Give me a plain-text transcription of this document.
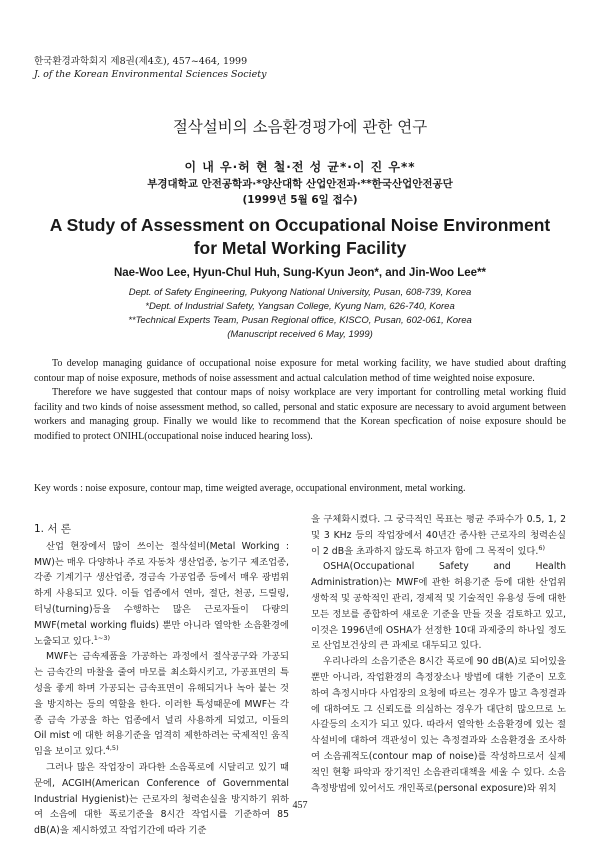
한국환경과학회지 제8권(제4호), 457~464, 1999
J. of the Korean Environmental Sciences Society
절삭설비의 소음환경평가에 관한 연구
이 내 우·허 현 철·전 성 균*·이 진 우**
부경대학교 안전공학과·*양산대학 산업안전과·**한국산업안전공단
(1999년 5월 6일 접수)
A Study of Assessment on Occupational Noise Environment
for Metal Working Facility
Nae-Woo Lee, Hyun-Chul Huh, Sung-Kyun Jeon*, and Jin-Woo Lee**
Dept. of Safety Engineering, Pukyong National University, Pusan, 608-739, Korea
*Dept. of Industrial Safety, Yangsan College, Kyung Nam, 626-740, Korea
**Technical Experts Team, Pusan Regional office, KISCO, Pusan, 602-061, Korea
(Manuscript received 6 May, 1999)

To develop managing guidance of occupational noise exposure for metal working facility, we have studied about drafting contour map of noise exposure, methods of noise assessment and actual calculation method of time weighted noise exposure.

Therefore we have suggested that contour maps of noisy workplace are very important for controlling metal working fluid facility and two kinds of noise assessment method, so called, personal and static exposure are necessary to avoid argument between workers and managing group. Finally we would like to recommend that the Korean specfication of noise exposure should be modified to protect ONIHL(occupational noise induced hearing loss).

Key words : noise exposure, contour map, time weigted average, occupational environment, metal working.
1. 서 론

산업 현장에서 많이 쓰이는 절삭설비(Metal Working : MW)는 매우 다양하나 주로 자동차 생산업종, 농기구 제조업종, 각종 기계기구 생산업종, 경금속 가공업종 등에서 매우 광범위하게 사용되고 있다. 이들 업종에서 연마, 절단, 천공, 드릴링, 터닝(turning)등을 수행하는 많은 근로자들이 다량의 MWF(metal working fluids) 뿐만 아니라 열악한 소음환경에 노출되고 있다.$^{1\sim 3)}$

MWF는 금속제품을 가공하는 과정에서 절삭공구와 가공되는 금속간의 마찰을 줄여 마모를 최소화시키고, 가공표면의 특성을 좋게 하며 가공되는 금속표면이 유해되거나 녹아 붙는 것을 방지하는 등의 역할을 한다. 이러한 특성때문에 MWF는 각종 금속 가공을 하는 업종에서 널리 사용하게 되었고, 이들의 Oil mist 에 대한 허용기준을 엄격히 제한하려는 국제적인 움직임을 보이고 있다.$^{4,5)}$

그러나 많은 작업장이 과다한 소음폭로에 시달리고 있기 때문에, ACGIH(American Conference of Governmental Industrial Hygienist)는 근로자의 청력손실을 방지하기 위하여 소음에 대한 폭로기준을 8시간 작업시를 기준하여 85 dB(A)을 제시하였고 작업기간에 따라 기준

을 구체화시켰다. 그 궁극적인 목표는 평균 주파수가 0.5, 1, 2 및 3 KHz 등의 작업장에서 40년간 종사한 근로자의 청력손실이 2 dB을 초과하지 않도록 하고자 함에 그 목적이 있다.$^{6)}$

OSHA(Occupational Safety and Health Administration)는 MWF에 관한 허용기준 등에 대한 산업위생학적 및 공학적인 관리, 경제적 및 기술적인 유용성 등에 대한 모든 정보를 종합하여 새로운 기준을 만들 것을 검토하고 있고, 이것은 1996년에 OSHA가 선정한 10대 과제중의 하나일 정도로 산업보건상의 큰 과제로 대두되고 있다.

우리나라의 소음기준은 8시간 폭로에 90 dB(A)로 되어있을 뿐만 아니라, 작업환경의 측정장소나 방법에 대한 기준이 모호하여 측정시마다 사업장의 요청에 따르는 경우가 많고 측정결과에 대하여도 그 신뢰도를 의심하는 경우가 대단히 많으므로 노사갈등의 소지가 되고 있다. 따라서 열악한 소음환경에 있는 절삭설비에 대하여 객관성이 있는 측정결과와 소음환경을 조사하여 소음궤적도(contour map of noise)를 작성하므로서 실제적인 현황 파악과 장기적인 소음관리대책을 세울 수 있다. 소음측정방법에 있어서도 개인폭로(personal exposure)와 위치

457
